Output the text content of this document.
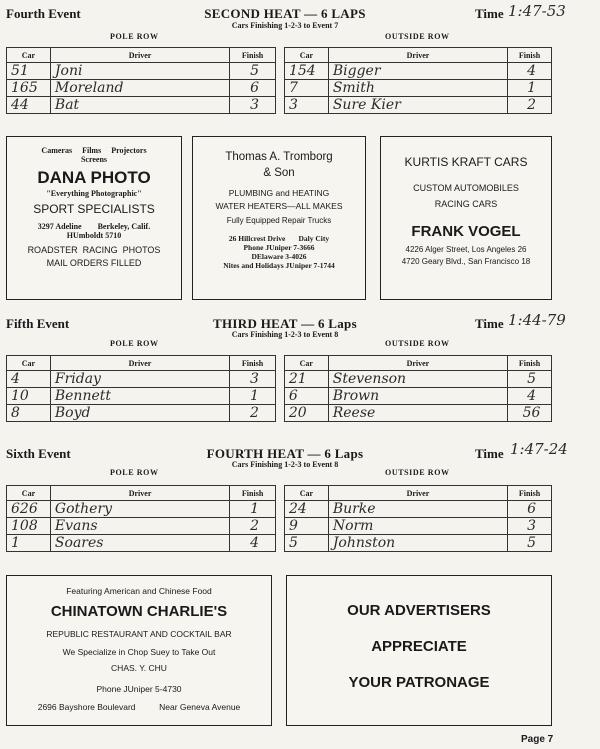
Fourth Event	SECOND HEAT — 6 LAPS
Cars Finishing 1-2-3 to Event 7
Time 1:47-53
POLE ROW	OUTSIDE ROW
Car	Driver	Finish		Car	Driver	Finish
51	Joni	5		154	Bigger	4
165	Moreland	6		7	Smith	1
44	Bat	3		3	Sure Kier	2
Cameras     Films     Projectors
Screens
DANA PHOTO
"Everything Photographic"
SPORT SPECIALISTS
3297 Adeline        Berkeley, Calif.
HUmboldt 5710
ROADSTER  RACING  PHOTOS
MAIL ORDERS FILLED
Thomas A. Tromborg
& Son
PLUMBING and HEATING
WATER HEATERS—ALL MAKES
Fully Equipped Repair Trucks
26 Hillcrest Drive       Daly City
Phone JUniper 7-3666
DElaware 3-4026
Nites and Holidays JUniper 7-1744
KURTIS KRAFT CARS
CUSTOM AUTOMOBILES
RACING CARS
FRANK VOGEL
4226 Alger Street, Los Angeles 26
4720 Geary Blvd., San Francisco 18
Fifth Event	THIRD HEAT — 6 Laps
Cars Finishing 1-2-3 to Event 8
Time 1:44-79
POLE ROW	OUTSIDE ROW
Car	Driver	Finish		Car	Driver	Finish
4	Friday	3		21	Stevenson	5
10	Bennett	1		6	Brown	4
8	Boyd	2		20	Reese	56
Sixth Event	FOURTH HEAT — 6 Laps
Cars Finishing 1-2-3 to Event 8
Time 1:47-24
POLE ROW	OUTSIDE ROW
Car	Driver	Finish		Car	Driver	Finish
626	Gothery	1		24	Burke	6
108	Evans	2		9	Norm	3
1	Soares	4		5	Johnston	5
Featuring American and Chinese Food
CHINATOWN CHARLIE'S
REPUBLIC RESTAURANT AND COCKTAIL BAR
We Specialize in Chop Suey to Take Out
CHAS. Y. CHU
Phone JUniper 5-4730
2696 Bayshore Boulevard          Near Geneva Avenue
OUR ADVERTISERS
APPRECIATE
YOUR PATRONAGE
Page 7
